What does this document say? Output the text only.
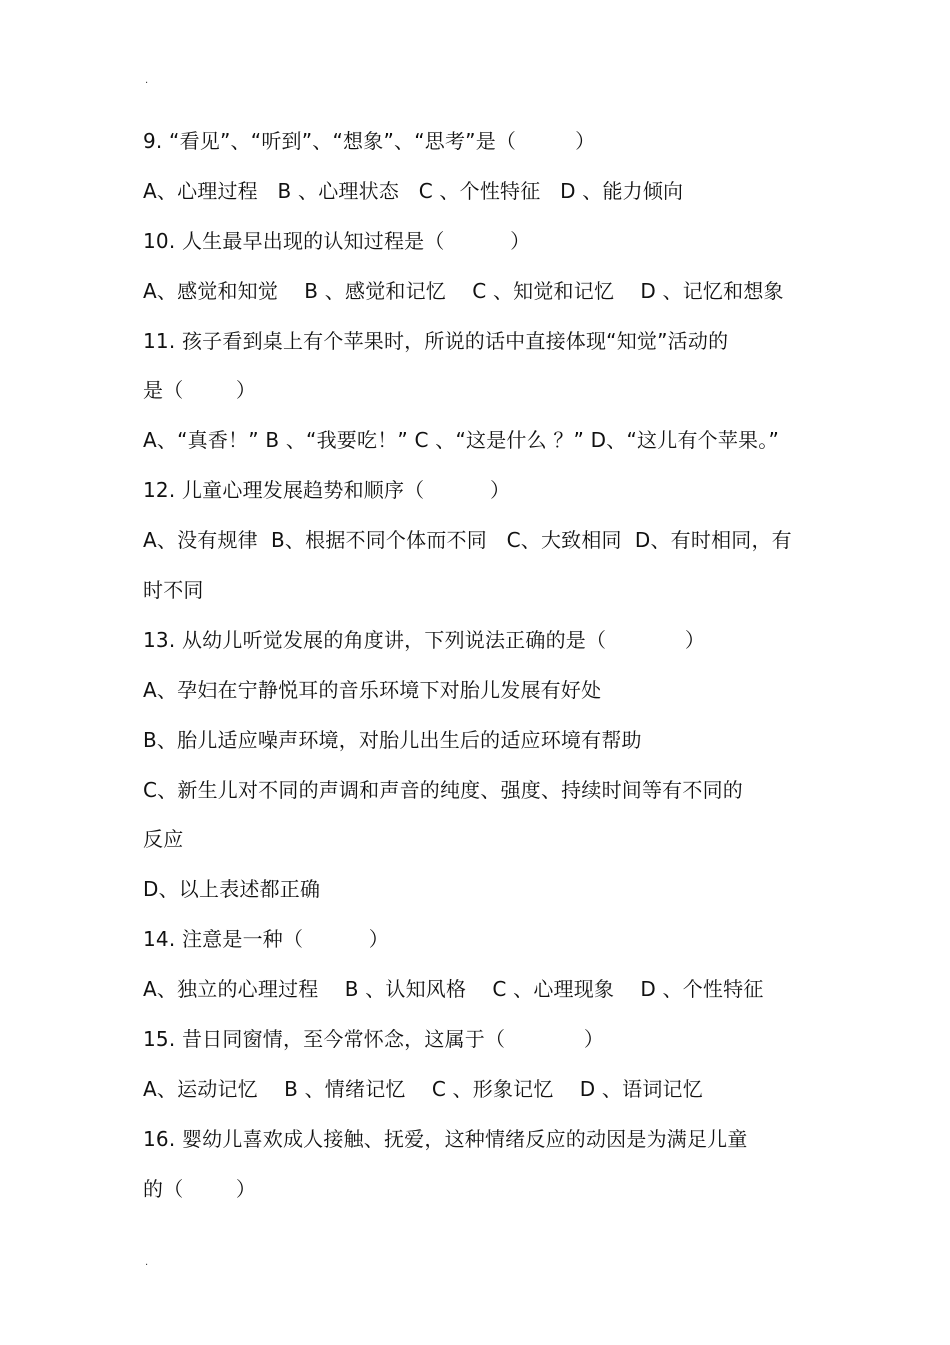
.
9. “看见”、“听到”、“想象”、“思考”是（         ）
A、心理过程   B 、心理状态   C 、个性特征   D 、能力倾向
10. 人生最早出现的认知过程是（          ）
A、感觉和知觉    B 、感觉和记忆    C 、知觉和记忆    D 、记忆和想象
11. 孩子看到桌上有个苹果时，所说的话中直接体现“知觉”活动的
是（        ）
A、“真香！” B 、“我要吃！” C 、“这是什么 ？” D、“这儿有个苹果。”
12. 儿童心理发展趋势和顺序（          ）
A、没有规律  B、根据不同个体而不同   C、大致相同  D、有时相同，有
时不同
13. 从幼儿听觉发展的角度讲，下列说法正确的是（            ）
A、孕妇在宁静悦耳的音乐环境下对胎儿发展有好处
B、胎儿适应噪声环境，对胎儿出生后的适应环境有帮助
C、新生儿对不同的声调和声音的纯度、强度、持续时间等有不同的
反应
D、以上表述都正确
14. 注意是一种（          ）
A、独立的心理过程    B 、认知风格    C 、心理现象    D 、个性特征
15. 昔日同窗情，至今常怀念，这属于（            ）
A、运动记忆    B 、情绪记忆    C 、形象记忆    D 、语词记忆
16. 婴幼儿喜欢成人接触、抚爱，这种情绪反应的动因是为满足儿童
的（        ）
.
